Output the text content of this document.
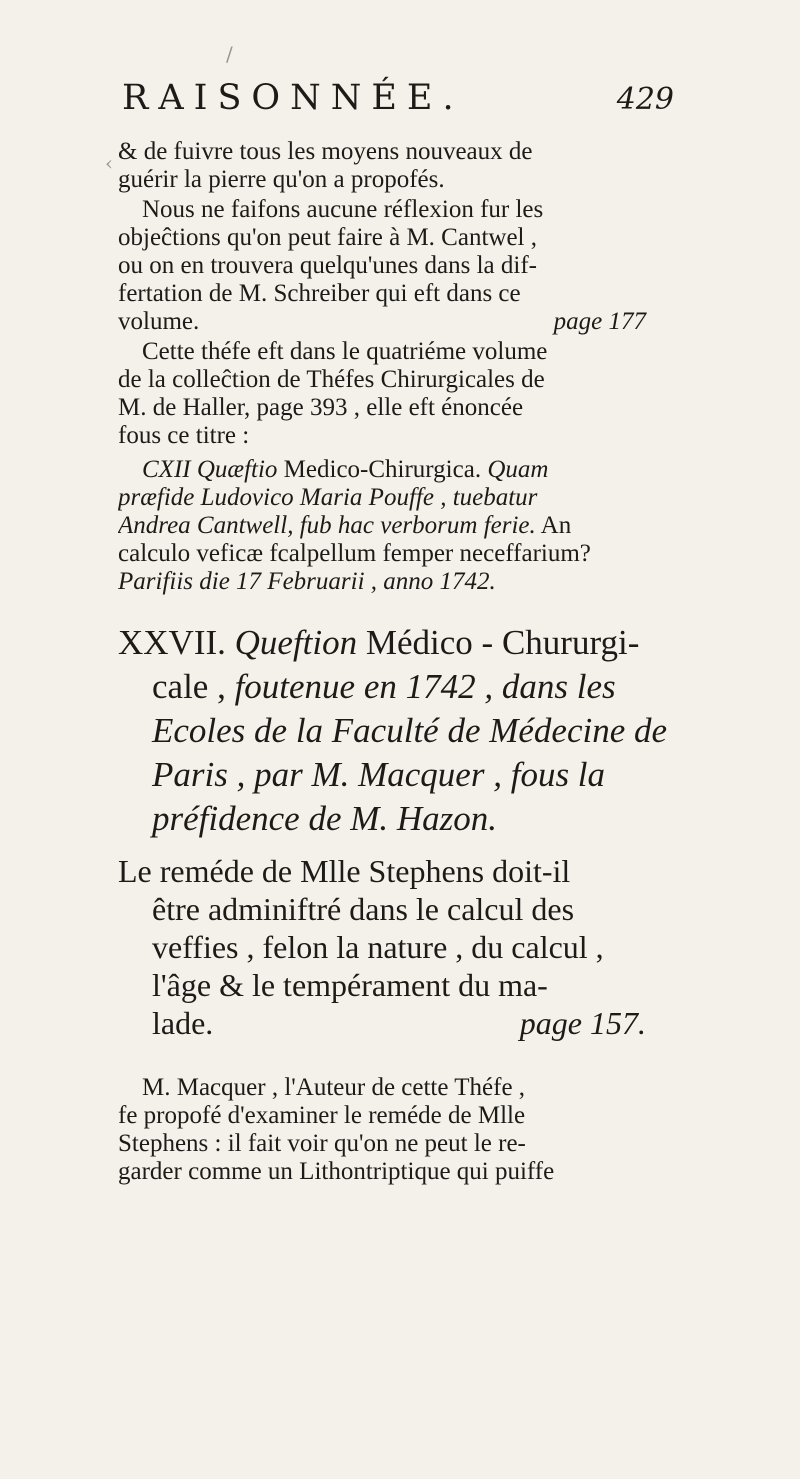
RAISONNÉE.	429
& de fuivre tous les moyens nouveaux de
guérir la pierre qu'on a propofés.
Nous ne faifons aucune réflexion fur les
objeĉtions qu'on peut faire à M. Cantwel ,
ou on en trouvera quelqu'unes dans la dif-
fertation de M. Schreiber qui eft dans ce
volume.	page 177
Cette théfe eft dans le quatriéme volume
de la colleĉtion de Théfes Chirurgicales de
M. de Haller, page 393 , elle eft énoncée
fous ce titre :
CXII Quæftio Medico-Chirurgica. Quam
præfide Ludovico Maria Pouffe , tuebatur
Andrea Cantwell, fub hac verborum ferie. An
calculo veficæ fcalpellum femper neceffarium?
Parifiis die 17 Februarii , anno 1742.
XXVII. Queftion Médico - Chururgi-
cale , foutenue en 1742 , dans les
Ecoles de la Faculté de Médecine de
Paris , par M. Macquer , fous la
préfidence de M. Hazon.
Le reméde de Mlle Stephens doit-il
être adminiftré dans le calcul des
veffies , felon la nature , du calcul ,
l'âge & le tempérament du ma-
lade.	page 157.
M. Macquer , l'Auteur de cette Théfe ,
fe propofé d'examiner le reméde de Mlle
Stephens : il fait voir qu'on ne peut le re-
garder comme un Lithontriptique qui puiffe
/
‹
